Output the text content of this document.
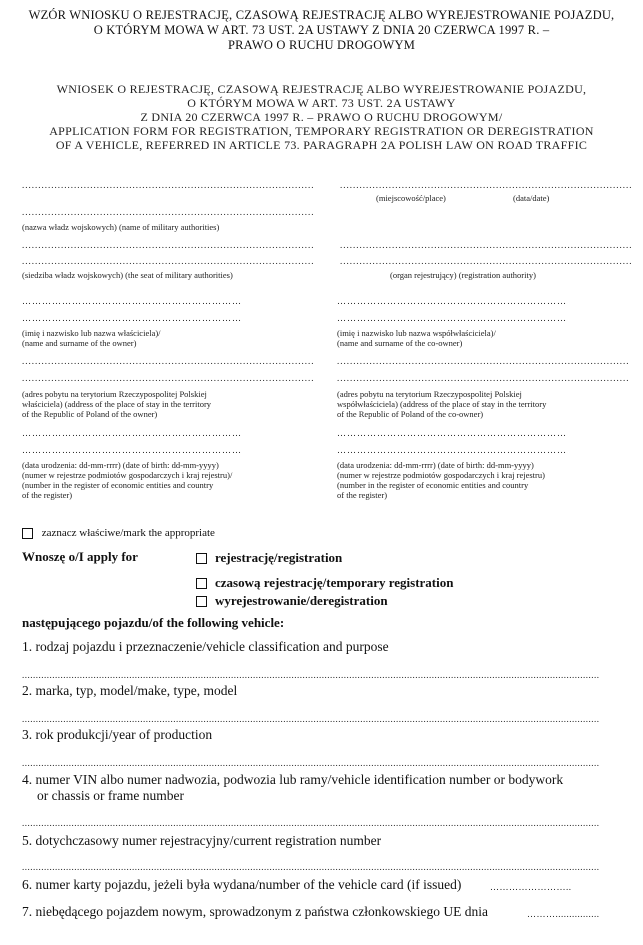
WZÓR WNIOSKU O REJESTRACJĘ, CZASOWĄ REJESTRACJĘ ALBO WYREJESTROWANIE POJAZDU,
O KTÓRYM MOWA W ART. 73 UST. 2A USTAWY Z DNIA 20 CZERWCA 1997 R. –
PRAWO O RUCHU DROGOWYM
WNIOSEK O REJESTRACJĘ, CZASOWĄ REJESTRACJĘ ALBO WYREJESTROWANIE POJAZDU,
O KTÓRYM MOWA W ART. 73 UST. 2A USTAWY
Z DNIA 20 CZERWCA 1997 R. – PRAWO O RUCHU DROGOWYM/
APPLICATION FORM FOR REGISTRATION, TEMPORARY REGISTRATION OR DEREGISTRATION
OF A VEHICLE, REFERRED IN ARTICLE 73. PARAGRAPH 2A POLISH LAW ON ROAD TRAFFIC
..........................................................................................
..........................................................................................
(nazwa władz wojskowych) (name of military authorities)
..........................................................................................
..........................................................................................
(siedziba władz wojskowych) (the seat of military authorities)
…………………………………………………………
…………………………………………………………
(imię i nazwisko lub nazwa właściciela)/
(name and surname of the owner)
..........................................................................................
..........................................................................................
(adres pobytu na terytorium Rzeczypospolitej Polskiej
właściciela) (address of the place of stay in the territory
of the Republic of Poland of the owner)
…………………………………………………………
…………………………………………………………
(data urodzenia: dd-mm-rrrr) (date of birth: dd-mm-yyyy)
(numer w rejestrze podmiotów gospodarczych i kraj rejestru)/
(number in the register of economic entities and country
of the register)
..........................................................................................
(miejscowość/place)	(data/date)
..........................................................................................
..........................................................................................
(organ rejestrujący) (registration authority)
……………………………………………………………
……………………………………………………………
(imię i nazwisko lub nazwa współwłaściciela)/
(name and surname of the co-owner)
..........................................................................................
..........................................................................................
(adres pobytu na terytorium Rzeczypospolitej Polskiej
współwłaściciela) (address of the place of stay in the territory
of the Republic of Poland of the co-owner)
……………………………………………………………
……………………………………………………………
(data urodzenia: dd-mm-rrrr) (date of birth: dd-mm-yyyy)
(numer w rejestrze podmiotów gospodarczych i kraj rejestru)
(number in the register of economic entities and country
of the register)
zaznacz właściwe/mark the appropriate
Wnoszę o/I apply for	rejestrację/registration
czasową rejestrację/temporary registration
wyrejestrowanie/deregistration
następującego pojazdu/of the following vehicle:
1. rodzaj pojazdu i przeznaczenie/vehicle classification and purpose
..................................................................................................................................................................................................................
2. marka, typ, model/make, type, model
..................................................................................................................................................................................................................
3. rok produkcji/year of production
..................................................................................................................................................................................................................
4. numer VIN albo numer nadwozia, podwozia lub ramy/vehicle identification number or bodywork
or chassis or frame number
..................................................................................................................................................................................................................
5. dotychczasowy numer rejestracyjny/current registration number
..................................................................................................................................................................................................................
6. numer karty pojazdu, jeżeli była wydana/number of the vehicle card (if issued)	……………………..
7. niebędącego pojazdem nowym, sprowadzonym z państwa członkowskiego UE dnia	………................
